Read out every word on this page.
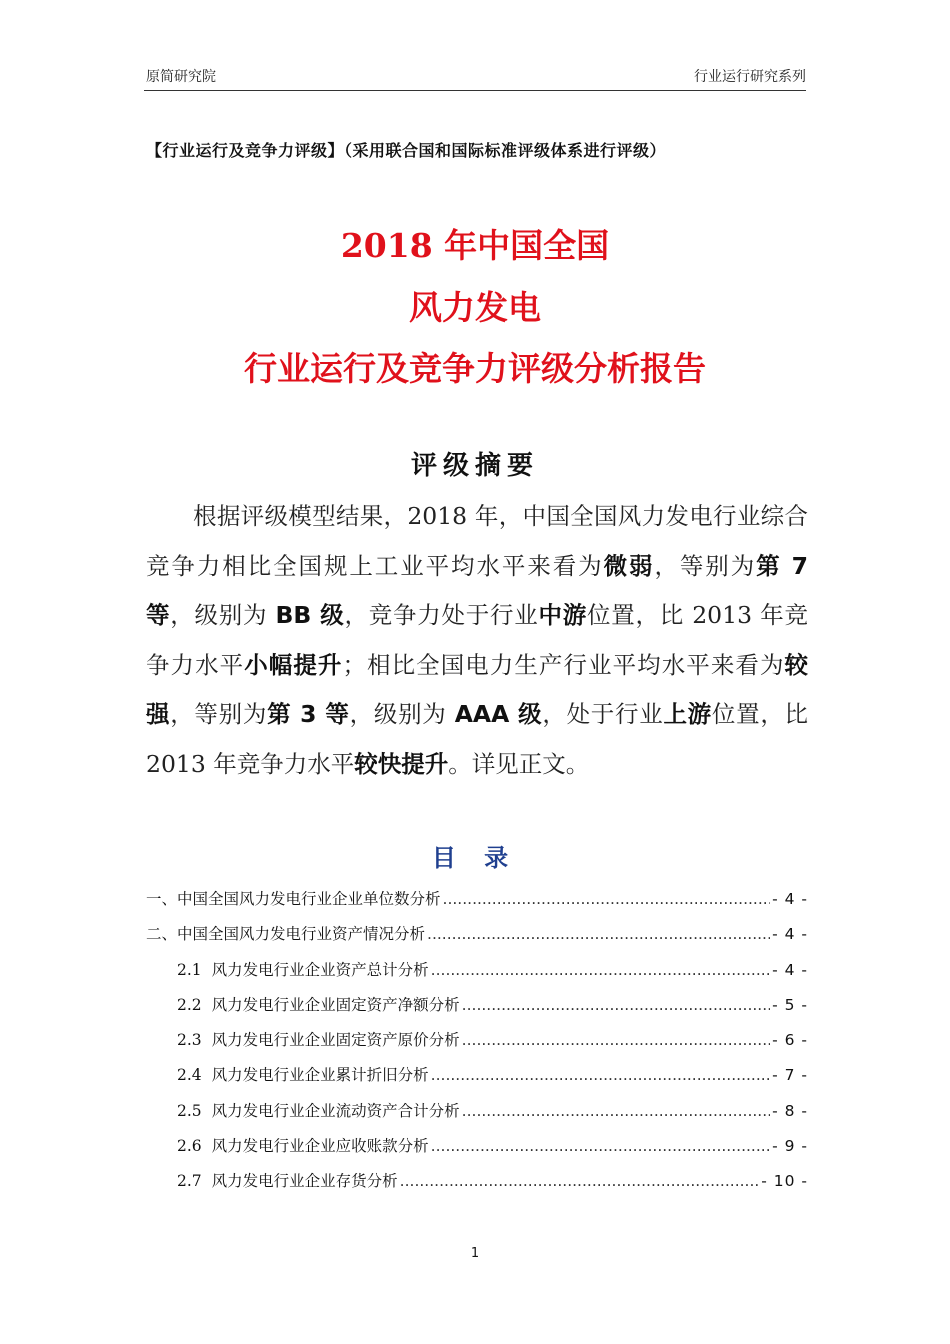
原简研究院	行业运行研究系列
【行业运行及竞争力评级】（采用联合国和国际标准评级体系进行评级）
2018 年中国全国
风力发电
行业运行及竞争力评级分析报告
评级摘要

根据评级模型结果，2018 年，中国全国风力发电行业综合竞争力相比全国规上工业平均水平来看为微弱，等别为第 7 等，级别为 BB 级，竞争力处于行业中游位置，比 2013 年竞争力水平小幅提升；相比全国电力生产行业平均水平来看为较强，等别为第 3 等，级别为 AAA 级，处于行业上游位置，比 2013 年竞争力水平较快提升。详见正文。

目 录
一、中国全国风力发电行业企业单位数分析 .....	- 4 -
二、中国全国风力发电行业资产情况分析 .....	- 4 -
2.1 风力发电行业企业资产总计分析 .....	- 4 -
2.2 风力发电行业企业固定资产净额分析 .....	- 5 -
2.3 风力发电行业企业固定资产原价分析 .....	- 6 -
2.4 风力发电行业企业累计折旧分析 .....	- 7 -
2.5 风力发电行业企业流动资产合计分析 .....	- 8 -
2.6 风力发电行业企业应收账款分析 .....	- 9 -
2.7 风力发电行业企业存货分析 .....	- 10 -
1
